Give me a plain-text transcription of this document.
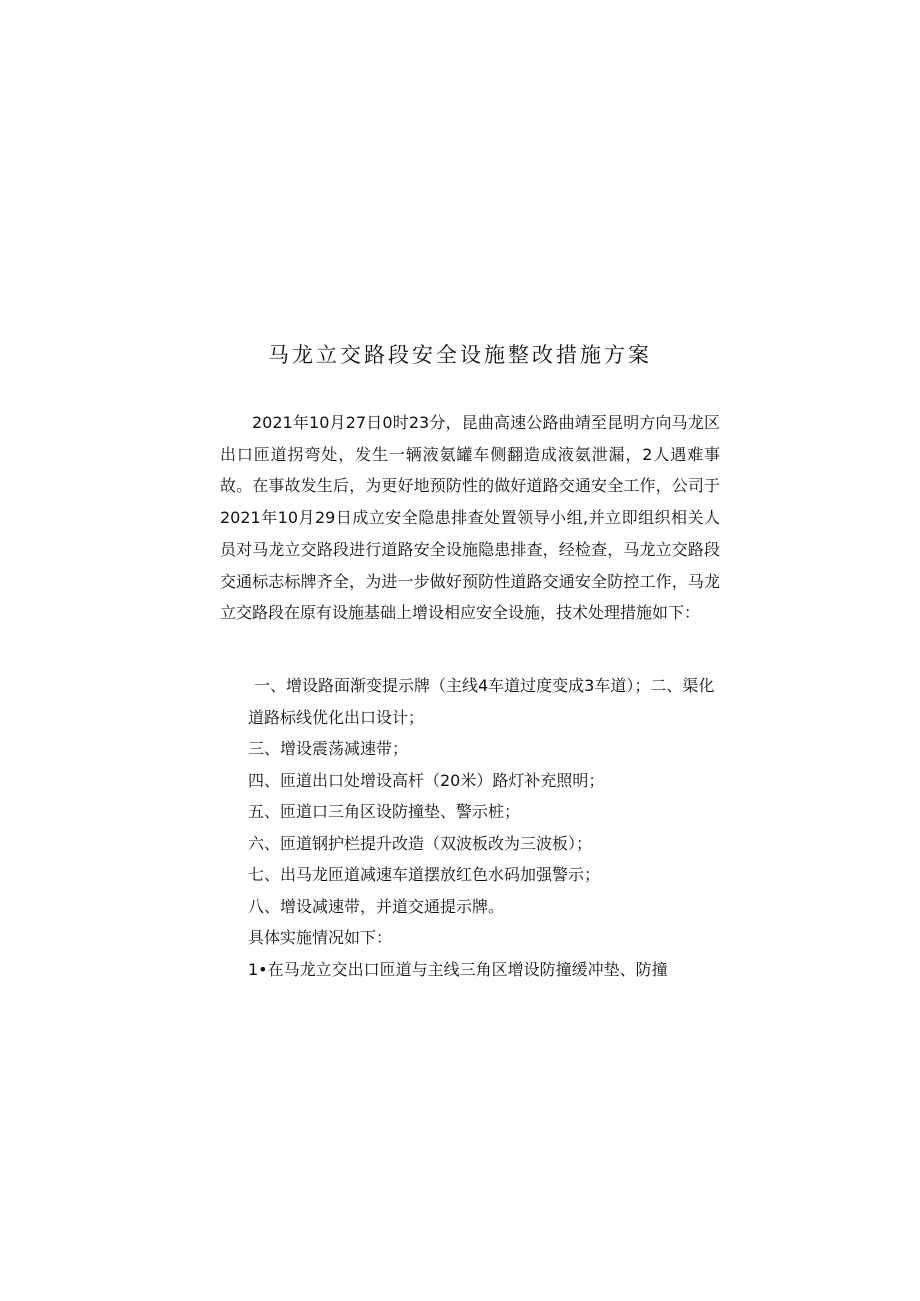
马龙立交路段安全设施整改措施方案

2021年10月27日0时23分，昆曲高速公路曲靖至昆明方向马龙区出口匝道拐弯处，发生一辆液氨罐车侧翻造成液氨泄漏，2人遇难事故。在事故发生后，为更好地预防性的做好道路交通安全工作，公司于2021年10月29日成立安全隐患排查处置领导小组,并立即组织相关人员对马龙立交路段进行道路安全设施隐患排查，经检查，马龙立交路段交通标志标牌齐全，为进一步做好预防性道路交通安全防控工作，马龙立交路段在原有设施基础上增设相应安全设施，技术处理措施如下：

一、增设路面渐变提示牌（主线4车道过度变成3车道）；二、渠化道路标线优化出口设计；
三、增设震荡减速带；
四、匝道出口处增设高杆（20米）路灯补充照明；
五、匝道口三角区设防撞垫、警示桩；
六、匝道钢护栏提升改造（双波板改为三波板）；
七、出马龙匝道减速车道摆放红色水码加强警示；
八、增设减速带，并道交通提示牌。
具体实施情况如下：
1•在马龙立交出口匝道与主线三角区增设防撞缓冲垫、防撞
